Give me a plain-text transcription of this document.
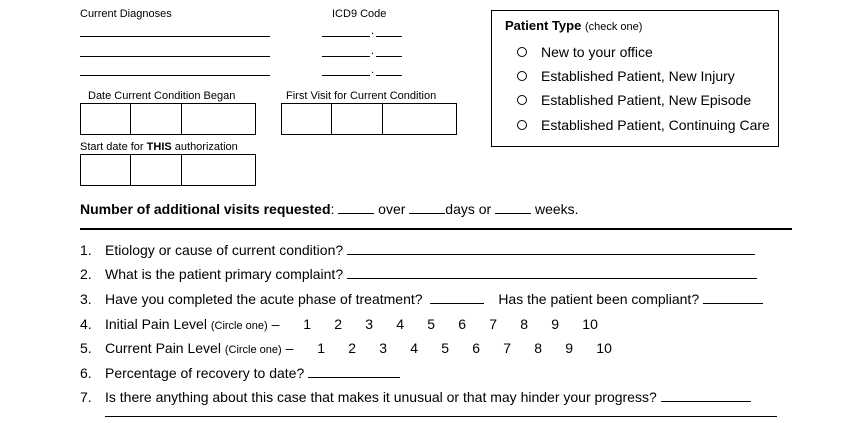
Current Diagnoses	ICD9 Code
.
.
.
Date Current Condition Began	First Visit for Current Condition
Start date for THIS authorization
Patient Type (check one)
New to your office
Established Patient, New Injury
Established Patient, New Episode
Established Patient, Continuing Care
Number of additional visits requested:	over	days or	weeks.
1. Etiology or cause of current condition?
2. What is the patient primary complaint?
3. Have you completed the acute phase of treatment?	Has the patient been compliant?
4. Initial Pain Level (Circle one) – 1 2 3 4 5 6 7 8 9 10
5. Current Pain Level (Circle one) – 1 2 3 4 5 6 7 8 9 10
6. Percentage of recovery to date?
7. Is there anything about this case that makes it unusual or that may hinder your progress?
